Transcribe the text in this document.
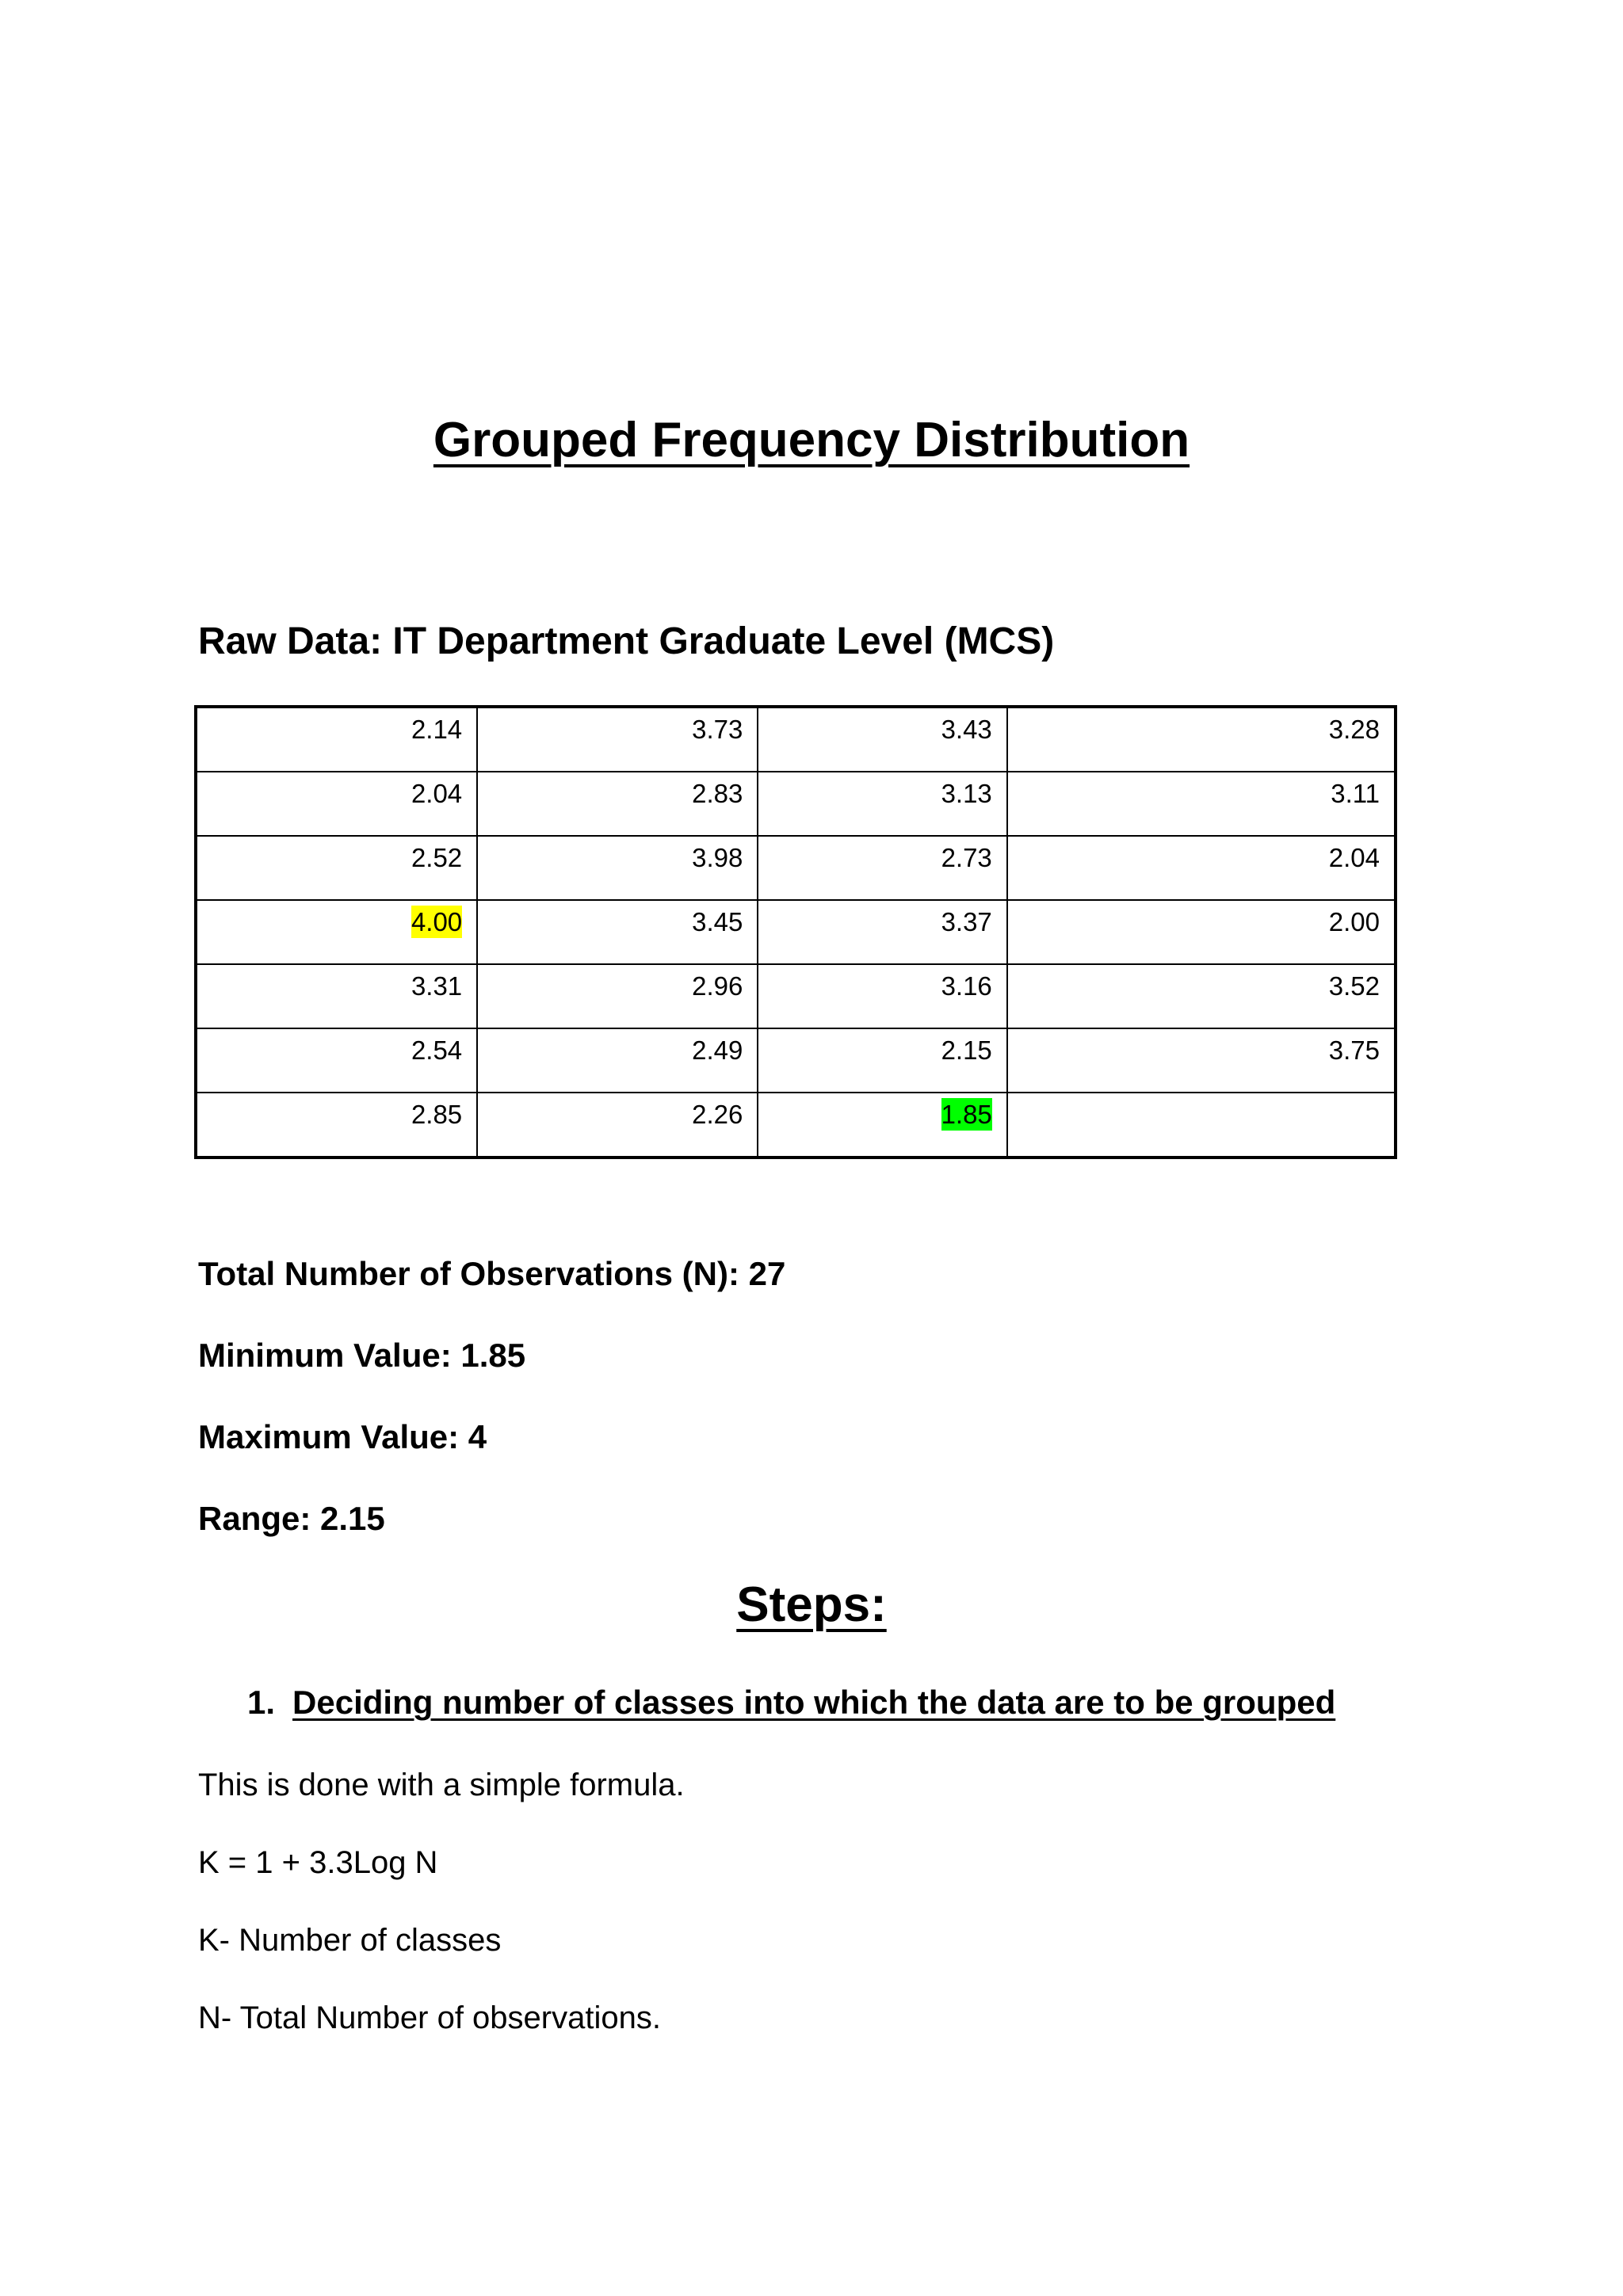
Grouped Frequency Distribution
Raw Data: IT Department Graduate Level (MCS)
2.14	3.73	3.43	3.28
2.04	2.83	3.13	3.11
2.52	3.98	2.73	2.04
4.00	3.45	3.37	2.00
3.31	2.96	3.16	3.52
2.54	2.49	2.15	3.75
2.85	2.26	1.85	
Total Number of Observations (N): 27
Minimum Value: 1.85
Maximum Value: 4
Range: 2.15
Steps:
1. Deciding number of classes into which the data are to be grouped
This is done with a simple formula.
K = 1 + 3.3Log N
K- Number of classes
N- Total Number of observations.
